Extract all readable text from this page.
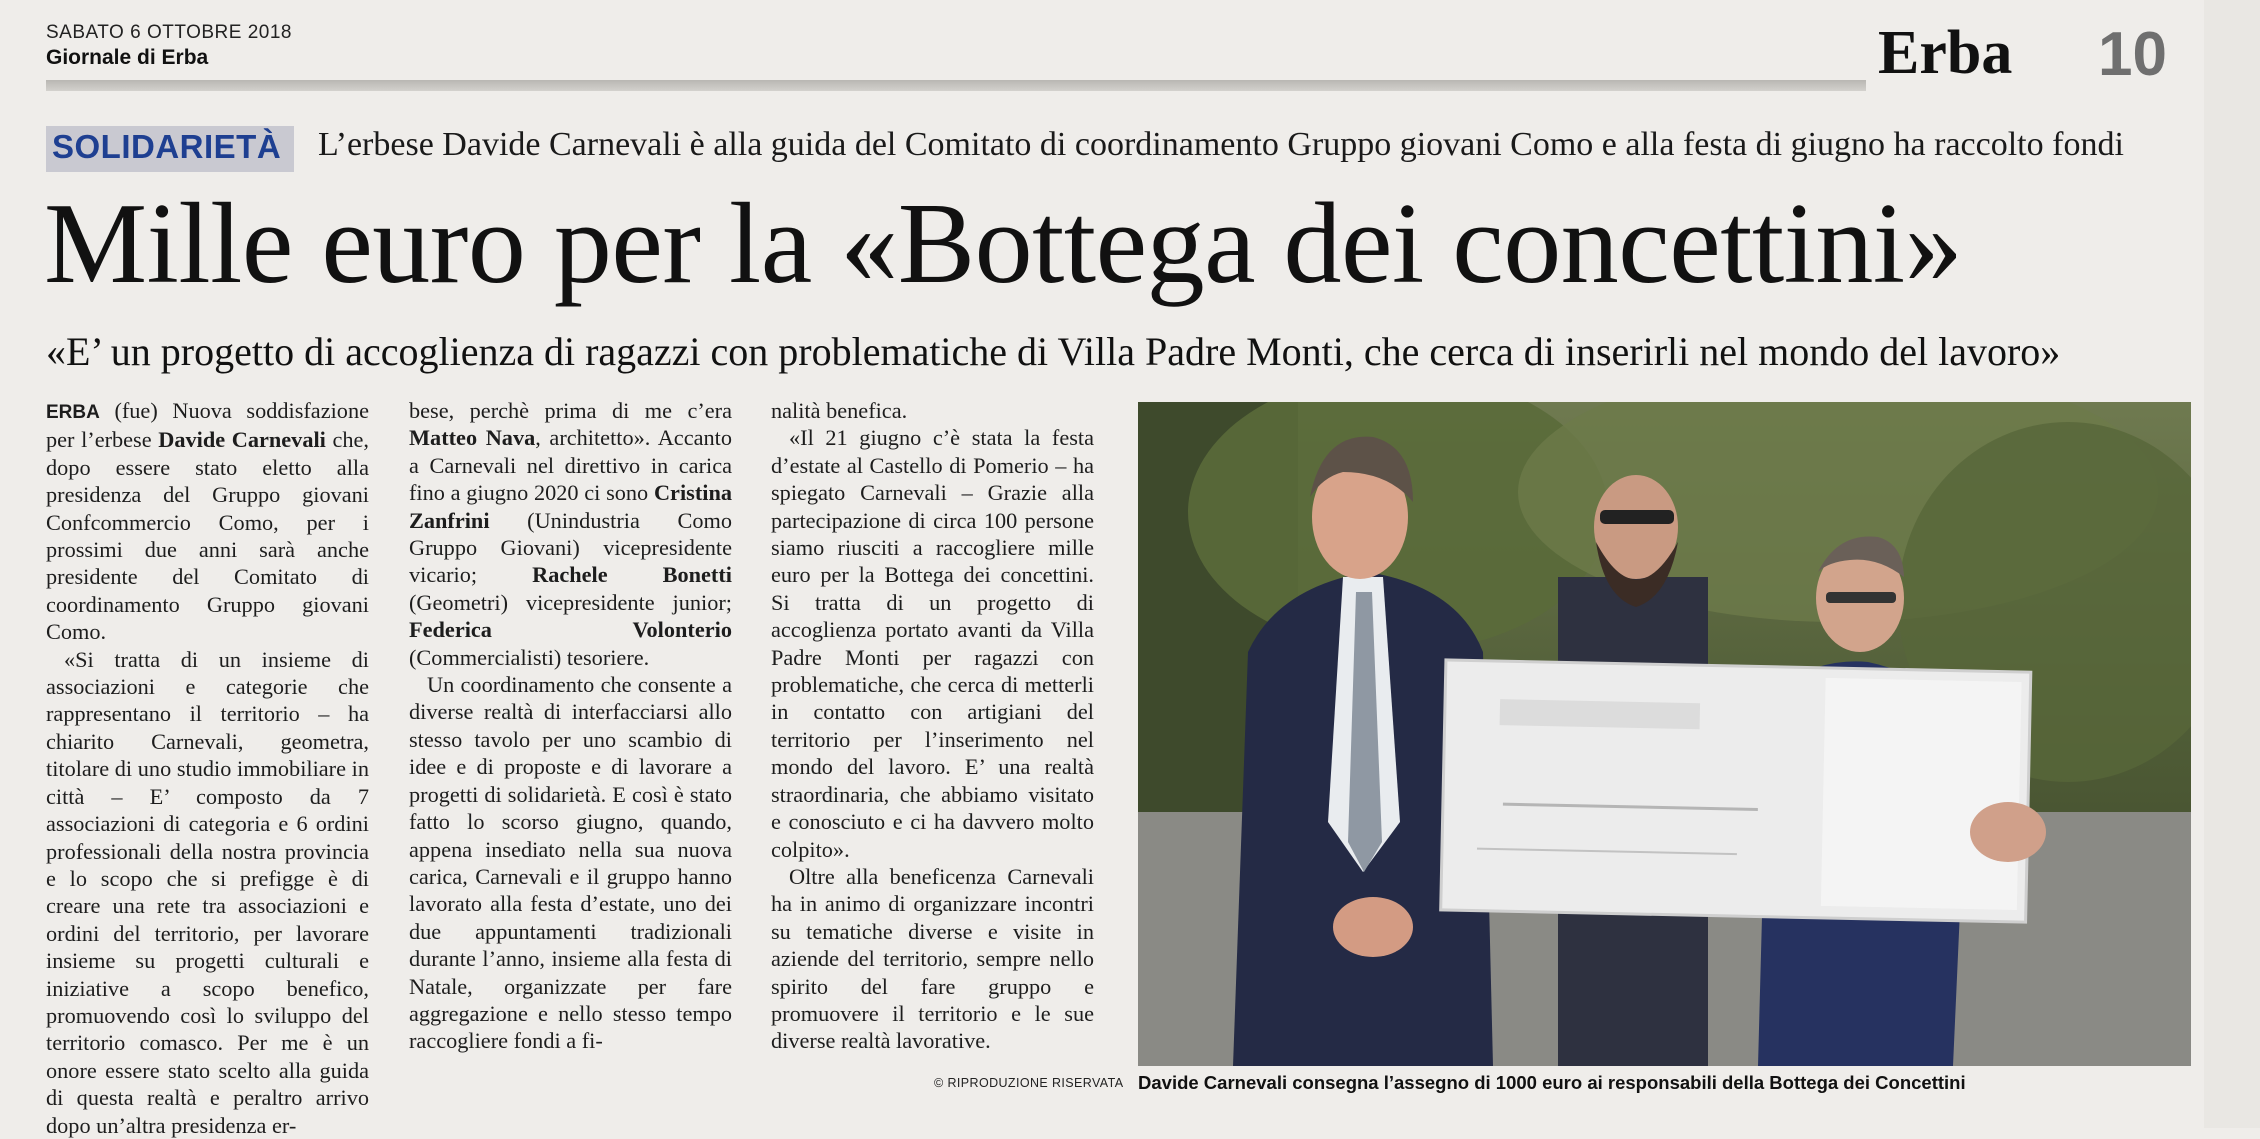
SABATO 6 OTTOBRE 2018
Giornale di Erba	Erba 10
SOLIDARIETÀ L’erbese Davide Carnevali è alla guida del Comitato di coordinamento Gruppo giovani Como e alla festa di giugno ha raccolto fondi
Mille euro per la «Bottega dei concettini»
«E’ un progetto di accoglienza di ragazzi con problematiche di Villa Padre Monti, che cerca di inserirli nel mondo del lavoro»

ERBA (fue) Nuova soddisfazione per l’erbese Davide Carnevali che, dopo essere stato eletto alla presidenza del Gruppo giovani Confcommercio Como, per i prossimi due anni sarà anche presidente del Comitato di coordinamento Gruppo giovani Como.

«Si tratta di un insieme di associazioni e categorie che rappresentano il territorio – ha chiarito Carnevali, geometra, titolare di uno studio immobiliare in città – E’ composto da 7 associazioni di categoria e 6 ordini professionali della nostra provincia e lo scopo che si prefigge è di creare una rete tra associazioni e ordini del territorio, per lavorare insieme su progetti culturali e iniziative a scopo benefico, promuovendo così lo sviluppo del territorio comasco. Per me è un onore essere stato scelto alla guida di questa realtà e peraltro arrivo dopo un’altra presidenza er-

bese, perchè prima di me c’era Matteo Nava, architetto». Accanto a Carnevali nel direttivo in carica fino a giugno 2020 ci sono Cristina Zanfrini (Unindustria Como Gruppo Giovani) vicepresidente vicario; Rachele Bonetti (Geometri) vicepresidente junior; Federica Volonterio (Commercialisti) tesoriere.

Un coordinamento che consente a diverse realtà di interfacciarsi allo stesso tavolo per uno scambio di idee e di proposte e di lavorare a progetti di solidarietà. E così è stato fatto lo scorso giugno, quando, appena insediato nella sua nuova carica, Carnevali e il gruppo hanno lavorato alla festa d’estate, uno dei due appuntamenti tradizionali durante l’anno, insieme alla festa di Natale, organizzate per fare aggregazione e nello stesso tempo raccogliere fondi a fi-

nalità benefica.

«Il 21 giugno c’è stata la festa d’estate al Castello di Pomerio – ha spiegato Carnevali – Grazie alla partecipazione di circa 100 persone siamo riusciti a raccogliere mille euro per la Bottega dei concettini. Si tratta di un progetto di accoglienza portato avanti da Villa Padre Monti per ragazzi con problematiche, che cerca di metterli in contatto con artigiani del territorio per l’inserimento nel mondo del lavoro. E’ una realtà straordinaria, che abbiamo visitato e conosciuto e ci ha davvero molto colpito».

Oltre alla beneficenza Carnevali ha in animo di organizzare incontri su tematiche diverse e visite in aziende del territorio, sempre nello spirito del fare gruppo e promuovere il territorio e le sue diverse realtà lavorative.

© RIPRODUZIONE RISERVATA Davide Carnevali consegna l’assegno di 1000 euro ai responsabili della Bottega dei Concettini
